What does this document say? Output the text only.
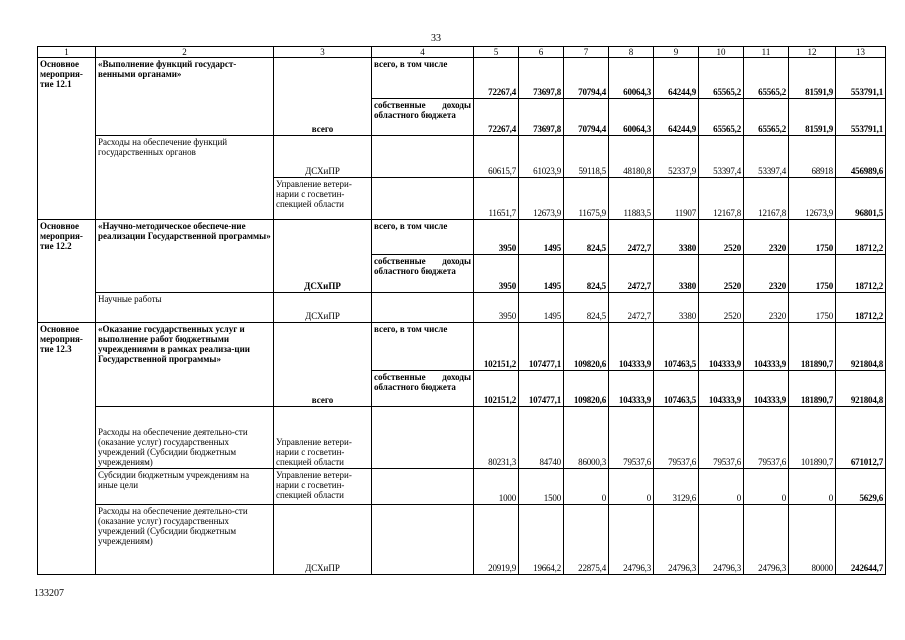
33
1	2	3	4	5	6	7	8	9	10	11	12	13
Основное мероприя-тие 12.1	«Выполнение функций государст-венными органами»	всего	всего, в том числе	72267,4	73697,8	70794,4	60064,3	64244,9	65565,2	65565,2	81591,9	553791,1
			собственные доходы областного бюджета	72267,4	73697,8	70794,4	60064,3	64244,9	65565,2	65565,2	81591,9	553791,1
	Расходы на обеспечение функций государственных органов	ДСХиПР		60615,7	61023,9	59118,5	48180,8	52337,9	53397,4	53397,4	68918	456989,6
		Управление ветери-нарии с госветин-спекцией области		11651,7	12673,9	11675,9	11883,5	11907	12167,8	12167,8	12673,9	96801,5
Основное мероприя-тие 12.2	«Научно-методическое обеспече-ние реализации Государственной программы»	ДСХиПР	всего, в том числе	3950	1495	824,5	2472,7	3380	2520	2320	1750	18712,2
			собственные доходы областного бюджета	3950	1495	824,5	2472,7	3380	2520	2320	1750	18712,2
	Научные работы	ДСХиПР		3950	1495	824,5	2472,7	3380	2520	2320	1750	18712,2
Основное мероприя-тие 12.3	«Оказание государственных услуг и выполнение работ бюджетными учреждениями в рамках реализа-ции Государственной программы»	всего	всего, в том числе	102151,2	107477,1	109820,6	104333,9	107463,5	104333,9	104333,9	181890,7	921804,8
			собственные доходы областного бюджета	102151,2	107477,1	109820,6	104333,9	107463,5	104333,9	104333,9	181890,7	921804,8
	Расходы на обеспечение деятельно-сти (оказание услуг) государственных учреждений (Субсидии бюджетным учреждениям)	Управление ветери-нарии с госветин-спекцией области		80231,3	84740	86000,3	79537,6	79537,6	79537,6	79537,6	101890,7	671012,7
	Субсидии бюджетным учреждениям на иные цели	Управление ветери-нарии с госветин-спекцией области		1000	1500	0	0	3129,6	0	0	0	5629,6
	Расходы на обеспечение деятельно-сти (оказание услуг) государственных учреждений (Субсидии бюджетным учреждениям)	ДСХиПР		20919,9	19664,2	22875,4	24796,3	24796,3	24796,3	24796,3	80000	242644,7
133207
